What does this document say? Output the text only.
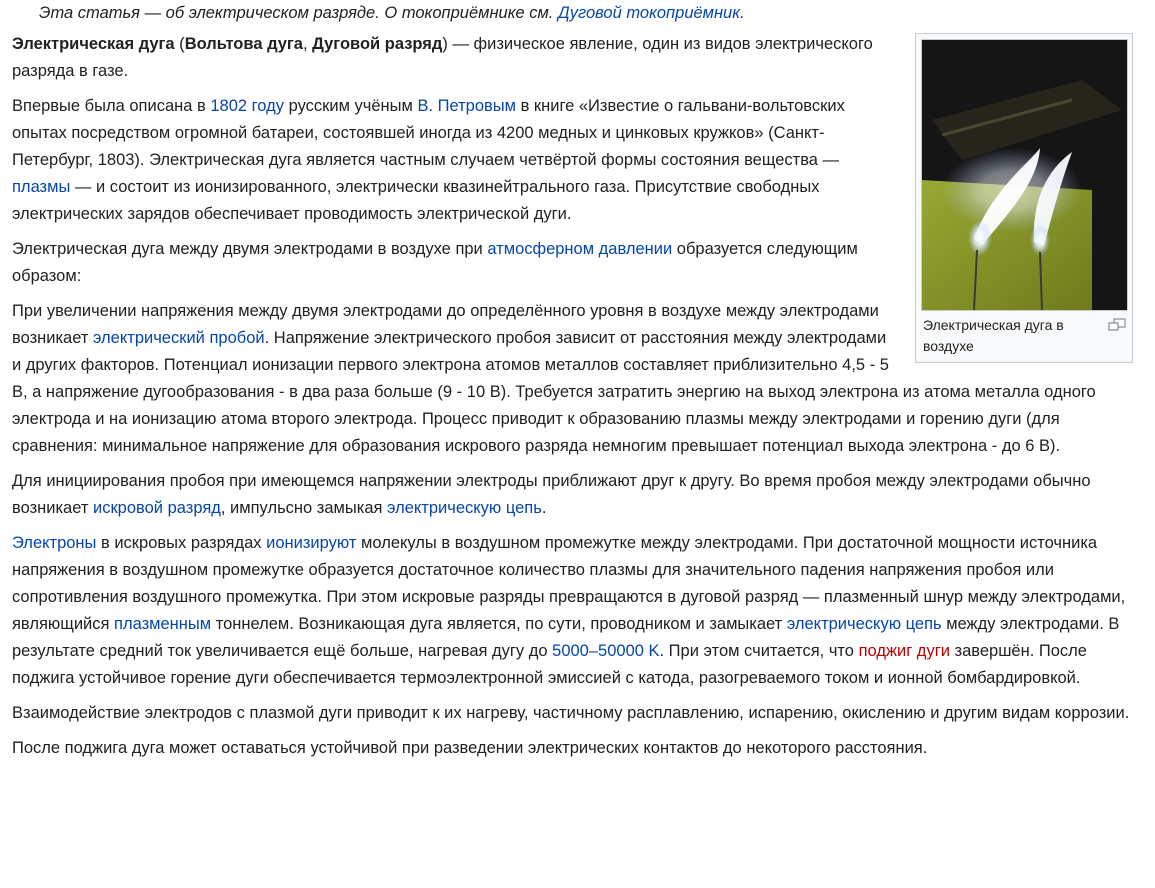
Эта статья — об электрическом разряде. О токоприёмнике см. Дуговой токоприёмник.
Электрическая дуга в воздухе

Электрическая дуга (Вольтова дуга, Дуговой разряд) — физическое явление, один из видов электрического разряда в газе.

Впервые была описана в 1802 году русским учёным В. Петровым в книге «Известие о гальвани-вольтовских опытах посредством огромной батареи, состоявшей иногда из 4200 медных и цинковых кружков» (Санкт-Петербург, 1803). Электрическая дуга является частным случаем четвёртой формы состояния вещества — плазмы — и состоит из ионизированного, электрически квазинейтрального газа. Присутствие свободных электрических зарядов обеспечивает проводимость электрической дуги.

Электрическая дуга между двумя электродами в воздухе при атмосферном давлении образуется следующим образом:

При увеличении напряжения между двумя электродами до определённого уровня в воздухе между электродами возникает электрический пробой. Напряжение электрического пробоя зависит от расстояния между электродами и других факторов. Потенциал ионизации первого электрона атомов металлов составляет приблизительно 4,5 - 5 В, а напряжение дугообразования - в два раза больше (9 - 10 В). Требуется затратить энергию на выход электрона из атома металла одного электрода и на ионизацию атома второго электрода. Процесс приводит к образованию плазмы между электродами и горению дуги (для сравнения: минимальное напряжение для образования искрового разряда немногим превышает потенциал выхода электрона - до 6 В).

Для инициирования пробоя при имеющемся напряжении электроды приближают друг к другу. Во время пробоя между электродами обычно возникает искровой разряд, импульсно замыкая электрическую цепь.

Электроны в искровых разрядах ионизируют молекулы в воздушном промежутке между электродами. При достаточной мощности источника напряжения в воздушном промежутке образуется достаточное количество плазмы для значительного падения напряжения пробоя или сопротивления воздушного промежутка. При этом искровые разряды превращаются в дуговой разряд — плазменный шнур между электродами, являющийся плазменным тоннелем. Возникающая дуга является, по сути, проводником и замыкает электрическую цепь между электродами. В результате средний ток увеличивается ещё больше, нагревая дугу до 5000–50000 K. При этом считается, что поджиг дуги завершён. После поджига устойчивое горение дуги обеспечивается термоэлектронной эмиссией с катода, разогреваемого током и ионной бомбардировкой.

Взаимодействие электродов с плазмой дуги приводит к их нагреву, частичному расплавлению, испарению, окислению и другим видам коррозии.

После поджига дуга может оставаться устойчивой при разведении электрических контактов до некоторого расстояния.
